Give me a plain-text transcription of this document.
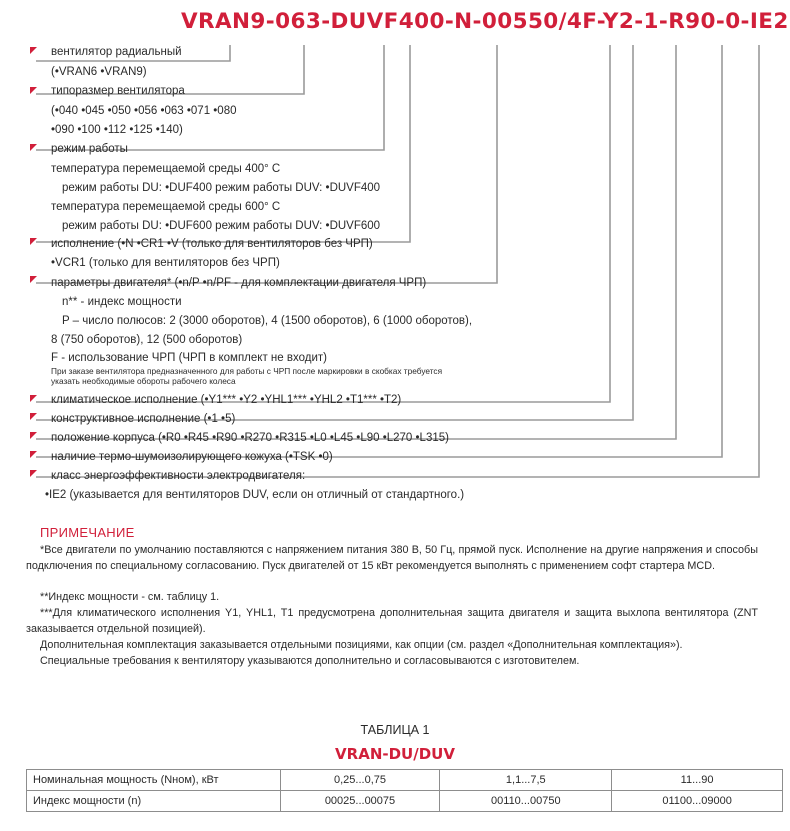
VRAN9-063-DUVF400-N-00550/4F-Y2-1-R90-0-IE2
вентилятор радиальный
(•VRAN6 •VRAN9)
типоразмер вентилятора
(•040 •045 •050 •056 •063 •071 •080
•090 •100 •112 •125 •140)
режим работы
температура перемещаемой среды 400° С
режим работы DU: •DUF400 режим работы DUV: •DUVF400
температура перемещаемой среды 600° С
режим работы DU: •DUF600 режим работы DUV: •DUVF600
исполнение (•N •CR1 •V (только для вентиляторов без ЧРП)
•VCR1 (только для вентиляторов без ЧРП)
параметры двигателя* (•n/P •n/PF - для комплектации двигателя ЧРП)
n** - индекс мощности
P – число полюсов: 2 (3000 оборотов), 4 (1500 оборотов), 6 (1000 оборотов),
8 (750 оборотов), 12 (500 оборотов)
F - использование ЧРП (ЧРП в комплект не входит)
При заказе вентилятора предназначенного для работы с ЧРП после маркировки в скобках требуется
указать необходимые обороты рабочего колеса
климатическое исполнение (•Y1*** •Y2 •YHL1*** •YHL2 •T1*** •T2)
конструктивное исполнение (•1 •5)
положение корпуса (•R0 •R45 •R90 •R270 •R315 •L0 •L45 •L90 •L270 •L315)
наличие термо-шумоизолирующего кожуха (•TSK •0)
класс энергоэффективности электродвигателя:
•IE2 (указывается для вентиляторов DUV, если он отличный от стандартного.)
ПРИМЕЧАНИЕ
*Все двигатели по умолчанию поставляются с напряжением питания 380 В, 50 Гц, прямой пуск. Исполнение на другие напряжения и способы подключения по специальному согласованию. Пуск двигателей от 15 кВт рекомендуется выполнять с применением софт стартера MCD.
**Индекс мощности - см. таблицу 1.
***Для климатического исполнения Y1, YHL1, T1 предусмотрена дополнительная защита двигателя и защита выхлопа вентилятора (ZNT заказывается отдельной позицией).
Дополнительная комплектация заказывается отдельными позициями, как опции (см. раздел «Дополнительная комплектация»).
Специальные требования к вентилятору указываются дополнительно и согласовываются с изготовителем.
ТАБЛИЦА 1
VRAN-DU/DUV
Номинальная мощность (Nном), кВт	0,25...0,75	1,1...7,5	11...90
Индекс мощности (n)	00025...00075	00110...00750	01100...09000
